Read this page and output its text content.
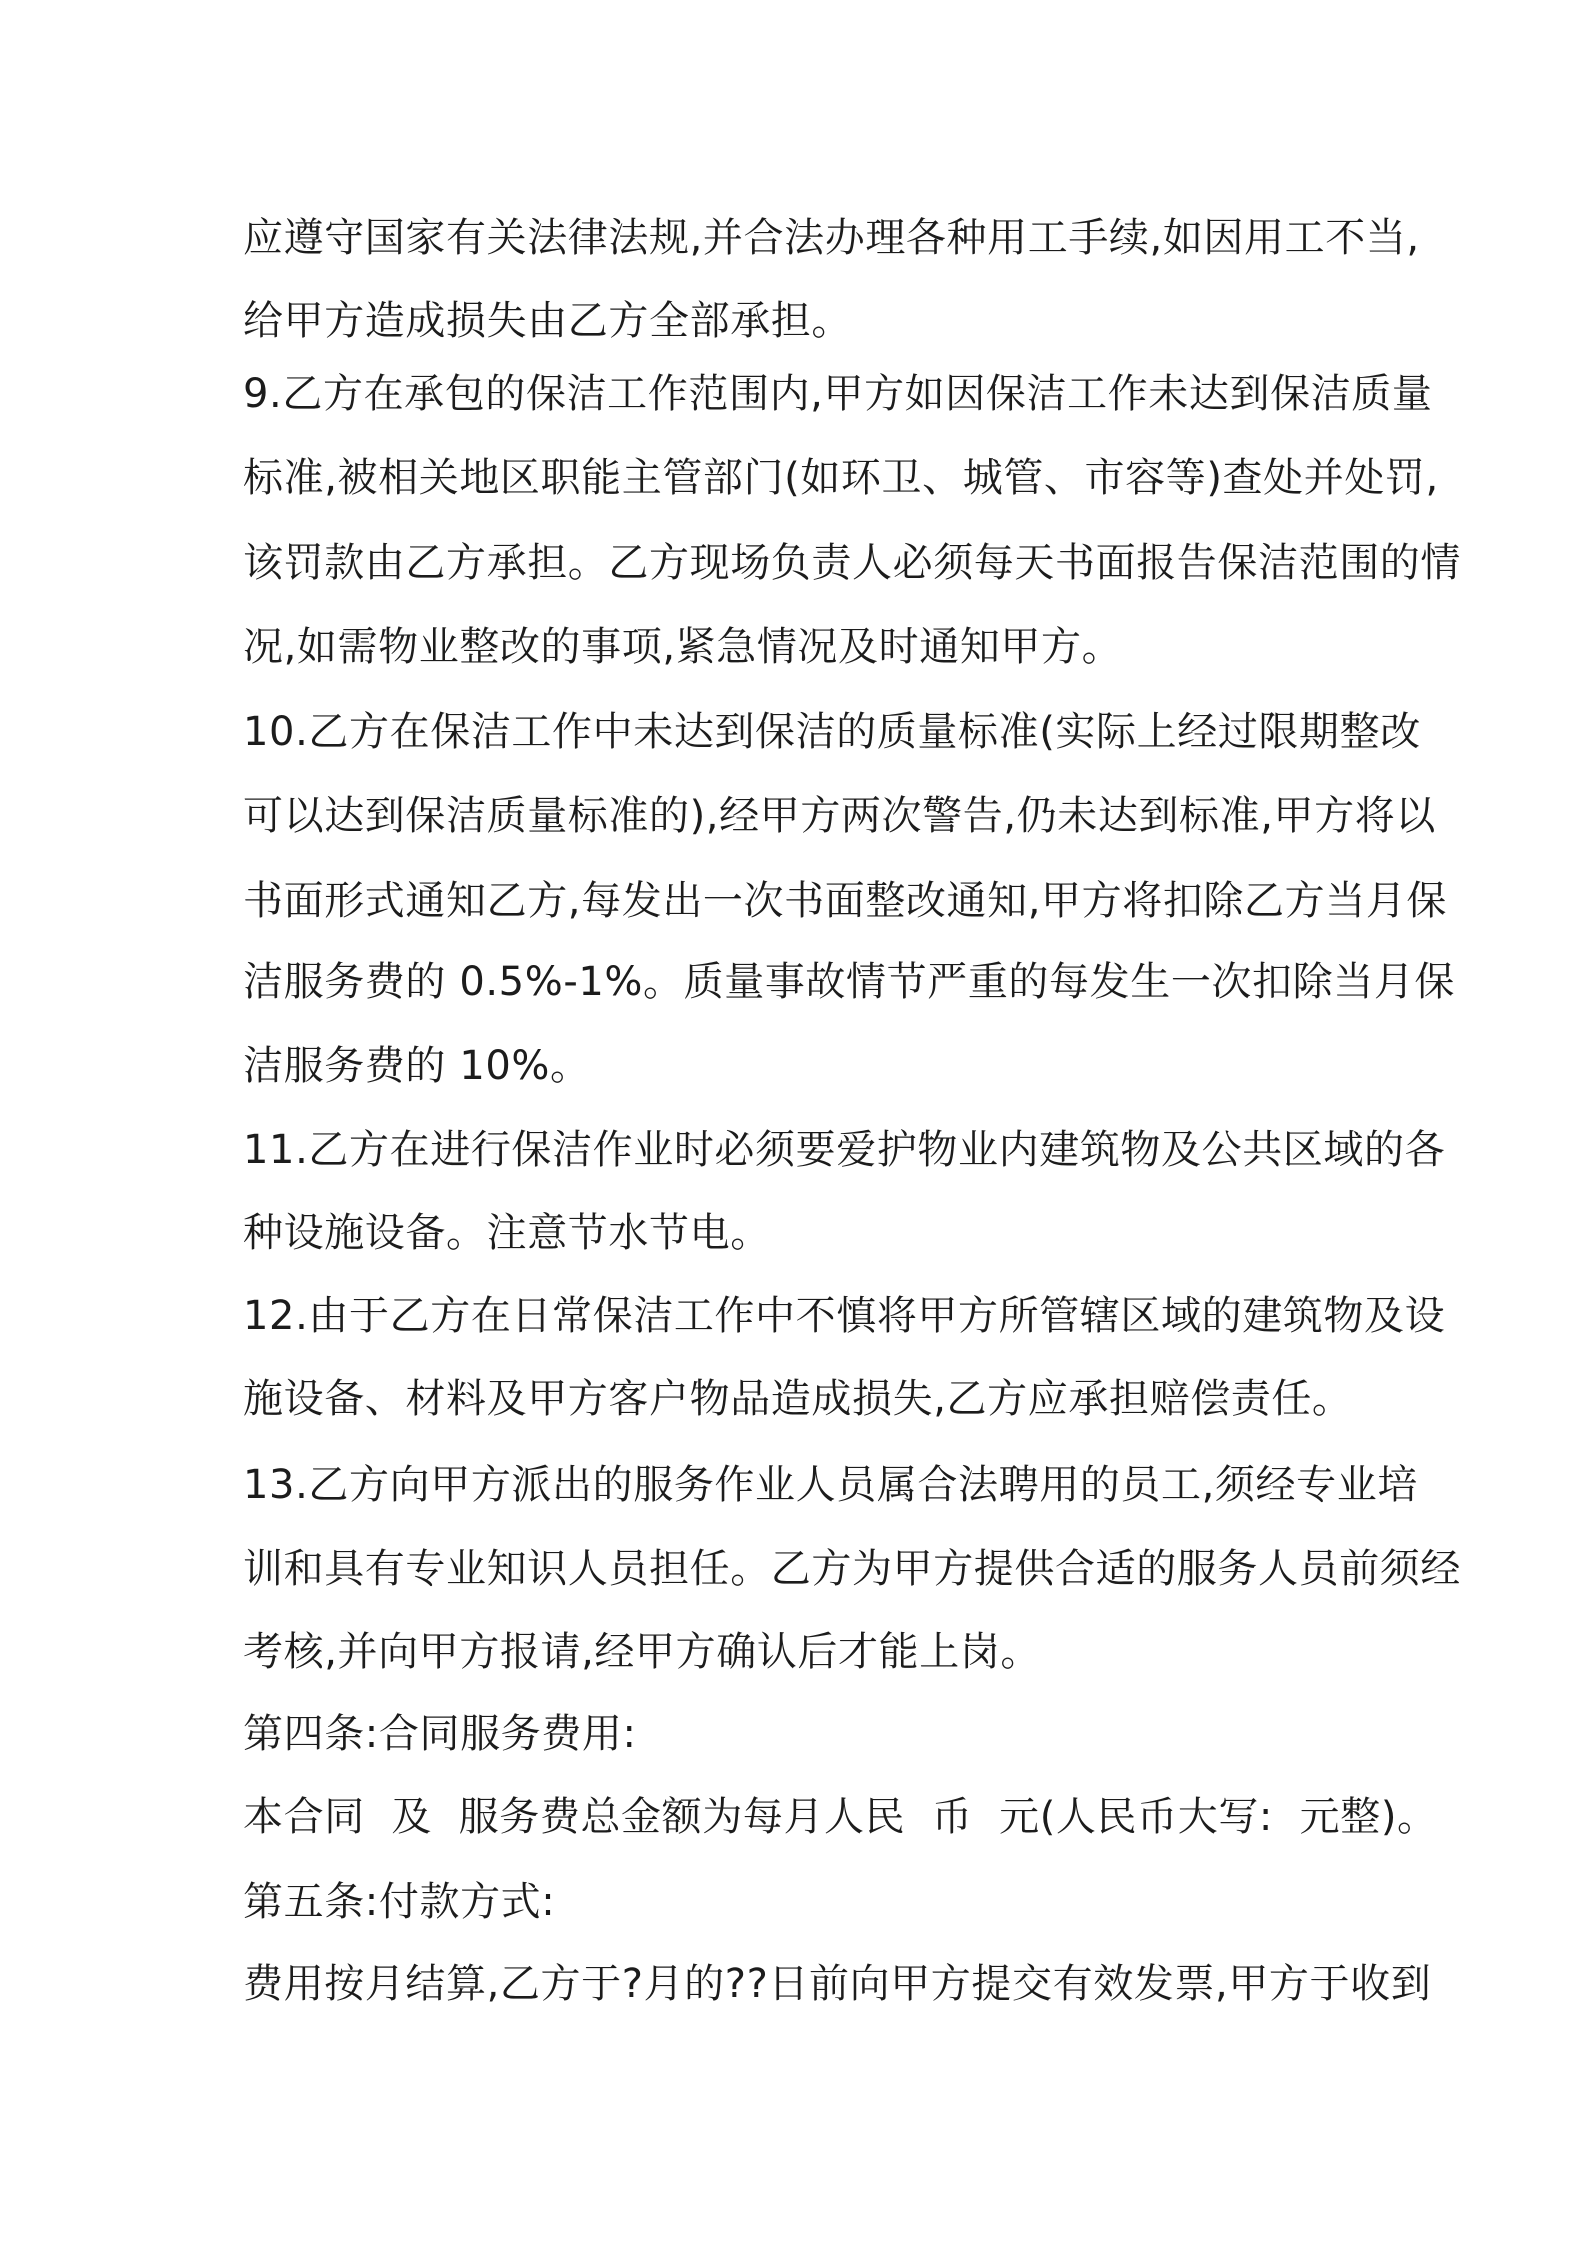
应遵守国家有关法律法规,并合法办理各种用工手续,如因用工不当,

给甲方造成损失由乙方全部承担。

9.乙方在承包的保洁工作范围内,甲方如因保洁工作未达到保洁质量

标准,被相关地区职能主管部门(如环卫、城管、市容等)查处并处罚,

该罚款由乙方承担。乙方现场负责人必须每天书面报告保洁范围的情

况,如需物业整改的事项,紧急情况及时通知甲方。

10.乙方在保洁工作中未达到保洁的质量标准(实际上经过限期整改

可以达到保洁质量标准的),经甲方两次警告,仍未达到标准,甲方将以

书面形式通知乙方,每发出一次书面整改通知,甲方将扣除乙方当月保

洁服务费的 0.5%-1%。质量事故情节严重的每发生一次扣除当月保

洁服务费的 10%。

11.乙方在进行保洁作业时必须要爱护物业内建筑物及公共区域的各

种设施设备。注意节水节电。

12.由于乙方在日常保洁工作中不慎将甲方所管辖区域的建筑物及设

施设备、材料及甲方客户物品造成损失,乙方应承担赔偿责任。

13.乙方向甲方派出的服务作业人员属合法聘用的员工,须经专业培

训和具有专业知识人员担任。乙方为甲方提供合适的服务人员前须经

考核,并向甲方报请,经甲方确认后才能上岗。

第四条:合同服务费用:

本合同  及  服务费总金额为每月人民  币  元(人民币大写:  元整)。

第五条:付款方式:

费用按月结算,乙方于?月的??日前向甲方提交有效发票,甲方于收到
